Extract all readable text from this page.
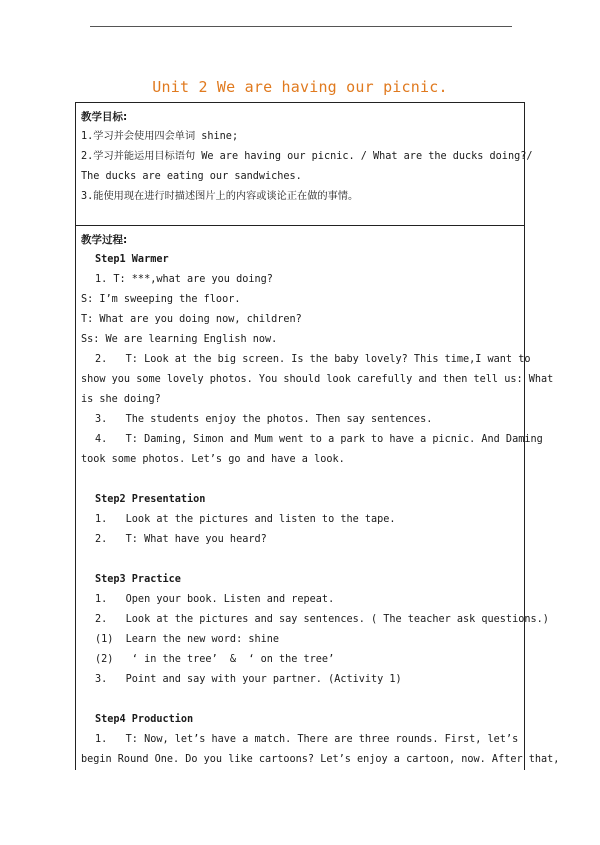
Unit 2 We are having our picnic.
教学目标:
1.学习并会使用四会单词 shine;
2.学习并能运用目标语句 We are having our picnic. / What are the ducks doing?/
The ducks are eating our sandwiches.
3.能使用现在进行时描述图片上的内容或谈论正在做的事情。
教学过程:
Step1 Warmer
1. T: ***,what are you doing?
S: I’m sweeping the floor.
T: What are you doing now, children?
Ss: We are learning English now.
2.   T: Look at the big screen. Is the baby lovely? This time,I want to
show you some lovely photos. You should look carefully and then tell us: What
is she doing?
3.   The students enjoy the photos. Then say sentences.
4.   T: Daming, Simon and Mum went to a park to have a picnic. And Daming
took some photos. Let’s go and have a look.
Step2 Presentation
1.   Look at the pictures and listen to the tape.
2.   T: What have you heard?
Step3 Practice
1.   Open your book. Listen and repeat.
2.   Look at the pictures and say sentences. ( The teacher ask questions.)
(1)  Learn the new word: shine
(2)   ‘ in the tree’  &  ‘ on the tree’
3.   Point and say with your partner. (Activity 1)
Step4 Production
1.   T: Now, let’s have a match. There are three rounds. First, let’s
begin Round One. Do you like cartoons? Let’s enjoy a cartoon, now. After that,
